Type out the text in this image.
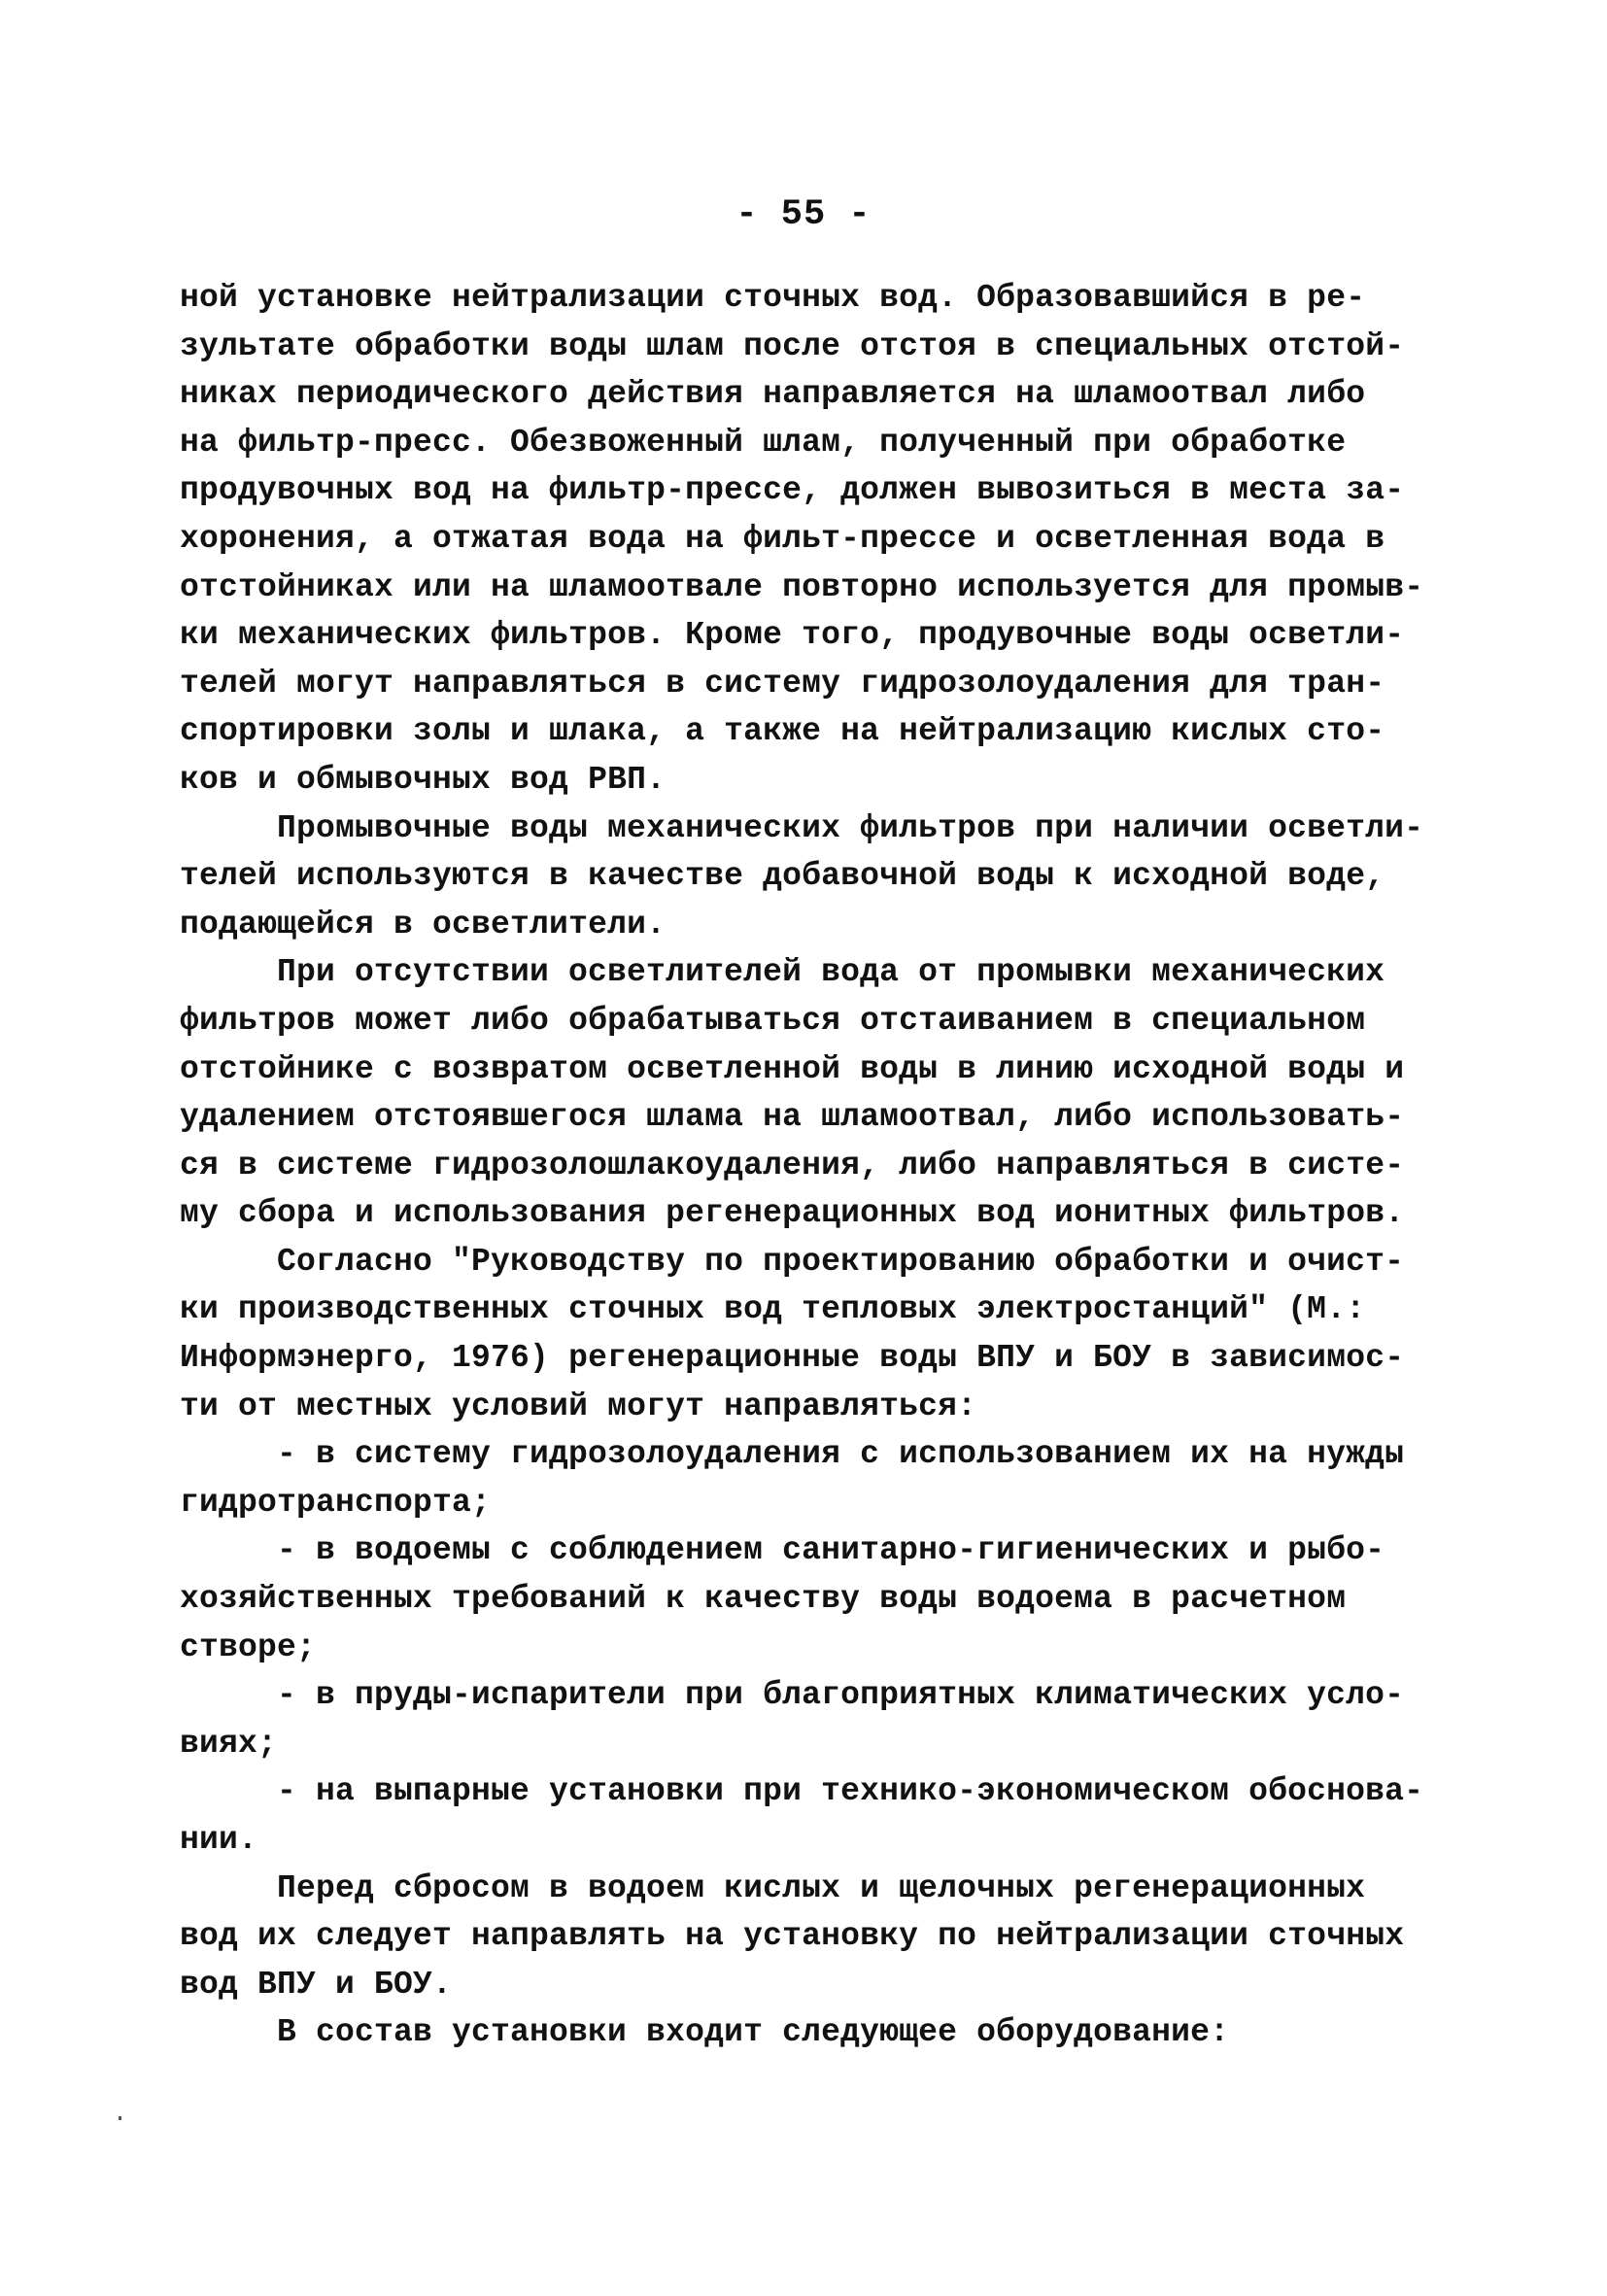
- 55 -
ной установке нейтрализации сточных вод. Образовавшийся в ре-
зультате обработки воды шлам после отстоя в специальных отстой-
никах периодического действия направляется на шламоотвал либо
на фильтр-пресс. Обезвоженный шлам, полученный при обработке
продувочных вод на фильтр-прессе, должен вывозиться в места за-
хоронения, а отжатая вода на фильт-прессе и осветленная вода в
отстойниках или на шламоотвале повторно используется для промыв-
ки механических фильтров. Кроме того, продувочные воды осветли-
телей могут направляться в систему гидрозолоудаления для тран-
спортировки золы и шлака, а также на нейтрализацию кислых сто-
ков и обмывочных вод РВП.
Промывочные воды механических фильтров при наличии осветли-
телей используются в качестве добавочной воды к исходной воде,
подающейся в осветлители.
При отсутствии осветлителей вода от промывки механических
фильтров может либо обрабатываться отстаиванием в специальном
отстойнике с возвратом осветленной воды в линию исходной воды и
удалением отстоявшегося шлама на шламоотвал, либо использовать-
ся в системе гидрозолошлакоудаления, либо направляться в систе-
му сбора и использования регенерационных вод ионитных фильтров.
Согласно "Руководству по проектированию обработки и очист-
ки производственных сточных вод тепловых электростанций" (М.:
Информэнерго, 1976) регенерационные воды ВПУ и БОУ в зависимос-
ти от местных условий могут направляться:
- в систему гидрозолоудаления с использованием их на нужды
гидротранспорта;
- в водоемы с соблюдением санитарно-гигиенических и рыбо-
хозяйственных требований к качеству воды водоема в расчетном
створе;
- в пруды-испарители при благоприятных климатических усло-
виях;
- на выпарные установки при технико-экономическом обоснова-
нии.
Перед сбросом в водоем кислых и щелочных регенерационных
вод их следует направлять на установку по нейтрализации сточных
вод ВПУ и БОУ.
В состав установки входит следующее оборудование:
